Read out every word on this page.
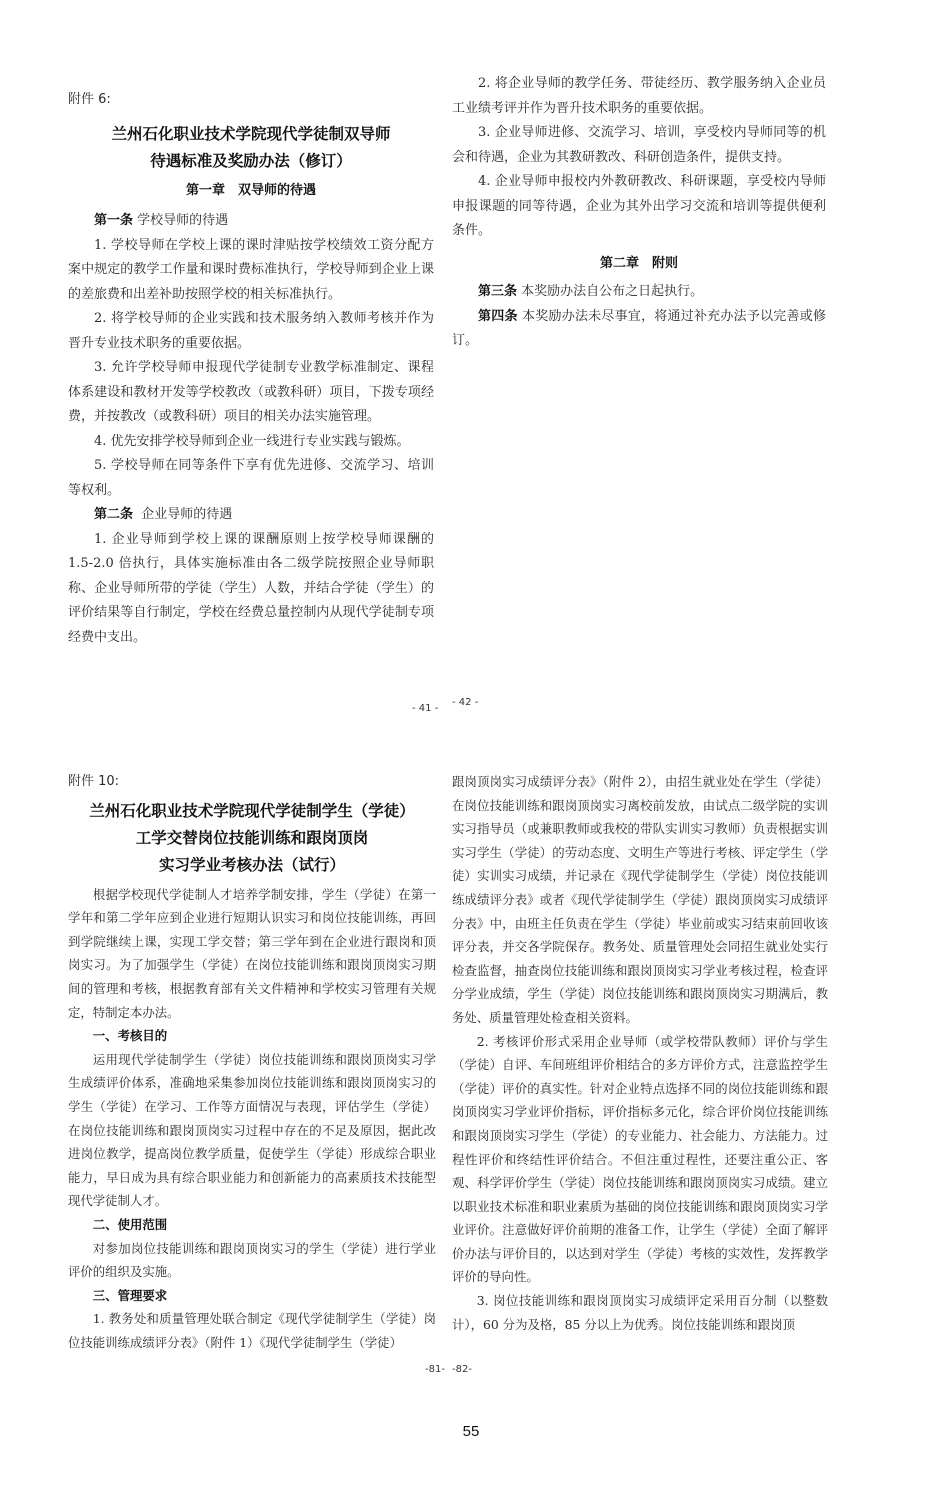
附件 6:

兰州石化职业技术学院现代学徒制双导师

待遇标准及奖励办法（修订）

第一章　双导师的待遇

第一条 学校导师的待遇

1. 学校导师在学校上课的课时津贴按学校绩效工资分配方案中规定的教学工作量和课时费标准执行，学校导师到企业上课的差旅费和出差补助按照学校的相关标准执行。

2. 将学校导师的企业实践和技术服务纳入教师考核并作为晋升专业技术职务的重要依据。

3. 允许学校导师申报现代学徒制专业教学标准制定、课程体系建设和教材开发等学校教改（或教科研）项目，下拨专项经费，并按教改（或教科研）项目的相关办法实施管理。

4. 优先安排学校导师到企业一线进行专业实践与锻炼。

5. 学校导师在同等条件下享有优先进修、交流学习、培训等权利。

第二条 企业导师的待遇

1. 企业导师到学校上课的课酬原则上按学校导师课酬的 1.5-2.0 倍执行，具体实施标准由各二级学院按照企业导师职称、企业导师所带的学徒（学生）人数，并结合学徒（学生）的评价结果等自行制定，学校在经费总量控制内从现代学徒制专项经费中支出。

- 41 -

2. 将企业导师的教学任务、带徒经历、教学服务纳入企业员工业绩考评并作为晋升技术职务的重要依据。

3. 企业导师进修、交流学习、培训，享受校内导师同等的机会和待遇，企业为其教研教改、科研创造条件，提供支持。

4. 企业导师申报校内外教研教改、科研课题，享受校内导师申报课题的同等待遇，企业为其外出学习交流和培训等提供便利条件。

第二章　附则

第三条 本奖励办法自公布之日起执行。

第四条 本奖励办法未尽事宜，将通过补充办法予以完善或修订。

- 42 -

附件 10:

兰州石化职业技术学院现代学徒制学生（学徒）

工学交替岗位技能训练和跟岗顶岗

实习学业考核办法（试行）

根据学校现代学徒制人才培养学制安排，学生（学徒）在第一学年和第二学年应到企业进行短期认识实习和岗位技能训练，再回到学院继续上课，实现工学交替；第三学年到在企业进行跟岗和顶岗实习。为了加强学生（学徒）在岗位技能训练和跟岗顶岗实习期间的管理和考核，根据教育部有关文件精神和学校实习管理有关规定，特制定本办法。

一、考核目的

运用现代学徒制学生（学徒）岗位技能训练和跟岗顶岗实习学生成绩评价体系，准确地采集参加岗位技能训练和跟岗顶岗实习的学生（学徒）在学习、工作等方面情况与表现，评估学生（学徒）在岗位技能训练和跟岗顶岗实习过程中存在的不足及原因，据此改进岗位教学，提高岗位教学质量，促使学生（学徒）形成综合职业能力，早日成为具有综合职业能力和创新能力的高素质技术技能型现代学徒制人才。

二、使用范围

对参加岗位技能训练和跟岗顶岗实习的学生（学徒）进行学业评价的组织及实施。

三、管理要求

1. 教务处和质量管理处联合制定《现代学徒制学生（学徒）岗位技能训练成绩评分表》（附件 1）《现代学徒制学生（学徒）

-81-

跟岗顶岗实习成绩评分表》（附件 2），由招生就业处在学生（学徒）在岗位技能训练和跟岗顶岗实习离校前发放，由试点二级学院的实训实习指导员（或兼职教师或我校的带队实训实习教师）负责根据实训实习学生（学徒）的劳动态度、文明生产等进行考核、评定学生（学徒）实训实习成绩，并记录在《现代学徒制学生（学徒）岗位技能训练成绩评分表》或者《现代学徒制学生（学徒）跟岗顶岗实习成绩评分表》中，由班主任负责在学生（学徒）毕业前或实习结束前回收该评分表，并交各学院保存。教务处、质量管理处会同招生就业处实行检查监督，抽查岗位技能训练和跟岗顶岗实习学业考核过程，检查评分学业成绩，学生（学徒）岗位技能训练和跟岗顶岗实习期满后，教务处、质量管理处检查相关资料。

2. 考核评价形式采用企业导师（或学校带队教师）评价与学生（学徒）自评、车间班组评价相结合的多方评价方式，注意监控学生（学徒）评价的真实性。针对企业特点选择不同的岗位技能训练和跟岗顶岗实习学业评价指标，评价指标多元化，综合评价岗位技能训练和跟岗顶岗实习学生（学徒）的专业能力、社会能力、方法能力。过程性评价和终结性评价结合。不但注重过程性，还要注重公正、客观、科学评价学生（学徒）岗位技能训练和跟岗顶岗实习成绩。建立以职业技术标准和职业素质为基础的岗位技能训练和跟岗顶岗实习学业评价。注意做好评价前期的准备工作，让学生（学徒）全面了解评价办法与评价目的，以达到对学生（学徒）考核的实效性，发挥教学评价的导向性。

3. 岗位技能训练和跟岗顶岗实习成绩评定采用百分制（以整数计），60 分为及格，85 分以上为优秀。岗位技能训练和跟岗顶

-82-
55
